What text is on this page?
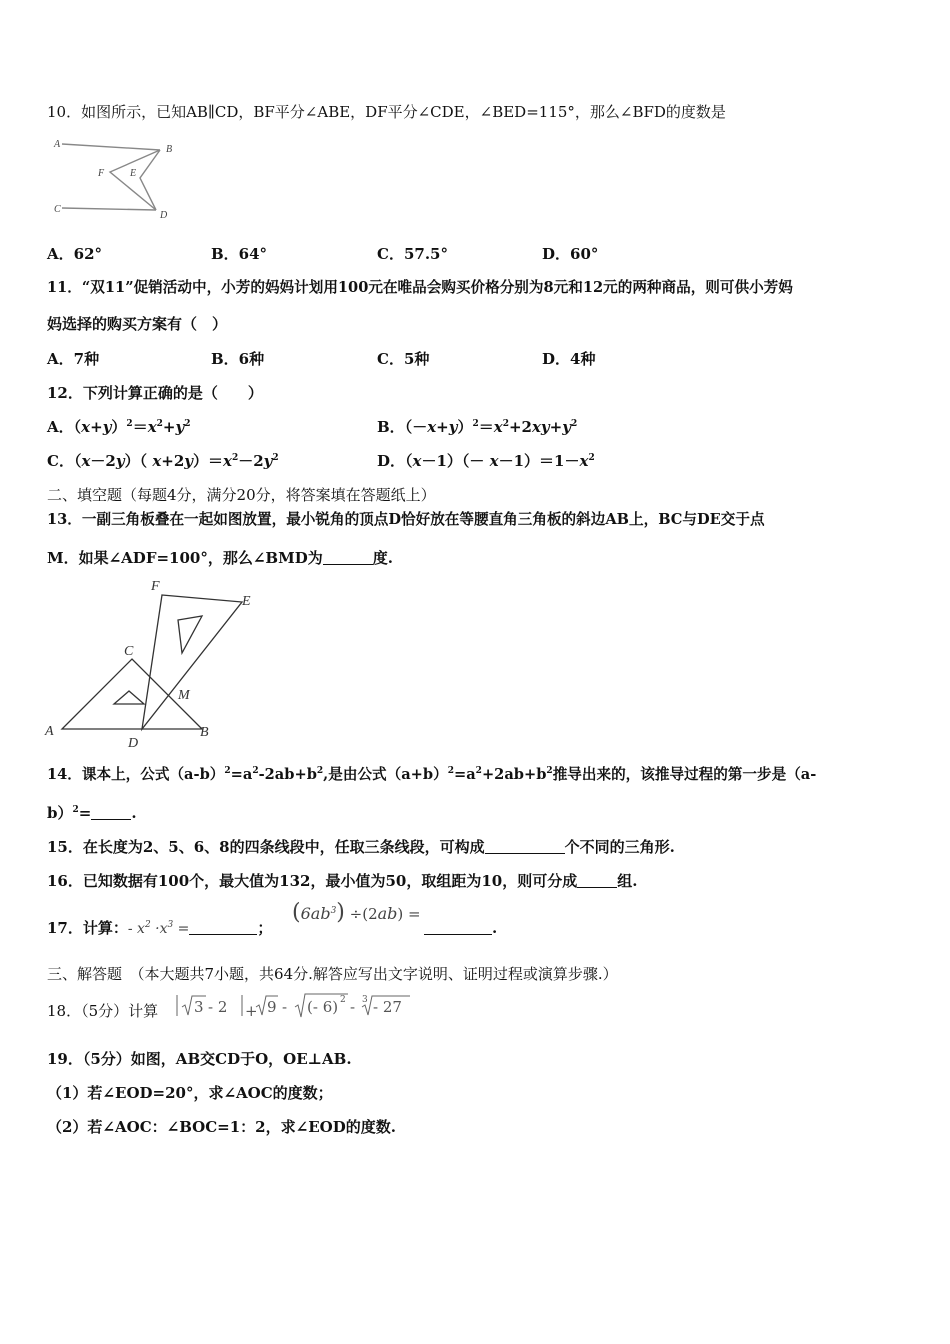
10．如图所示，已知AB∥CD，BF平分∠ABE，DF平分∠CDE，∠BED=115°，那么∠BFD的度数是
A	B
F	E
C
D
A．62°	B．64°	C．57.5°	D．60°
11．“双11”促销活动中，小芳的妈妈计划用100元在唯品会购买价格分别为8元和12元的两种商品，则可供小芳妈
妈选择的购买方案有（　）
A．7种	B．6种	C．5种	D．4种
12．下列计算正确的是（　　）
A．$(x+y)^2=x^2+y^2$	B．$(-x+y)^2=x^2+2xy+y^2$
C．（x－2y）（ $x+2y)=x^2-2y^2$	D．$(x-1)(- x-1)=1-x^2$
二、填空题（每题4分，满分20分，将答案填在答题纸上）
13．一副三角板叠在一起如图放置，最小锐角的顶点D恰好放在等腰直角三角板的斜边AB上，BC与DE交于点
M．如果∠ADF=100°，那么∠BMD为	度.
F
E
C
M
A
D
B
14．课本上，公式$(a-b)^2=a^2-2ab+b^2$,是由公式$(a+b)^2=a^2+2ab+b^2$推导出来的，该推导过程的第一步是（a-
b）$^2$=	.
15．在长度为2、5、6、8的四条线段中，任取三条线段，可构成	个不同的三角形.
16．已知数据有100个，最大值为132，最小值为50，取组距为10，则可分成	组.
17．计算：- $x^2 \cdot x^3$ =	；
$(6ab^3) \div(2ab)$ =
.
三、解答题　（本大题共7小题，共64分.解答应写出文字说明、证明过程或演算步骤.）
18．（5分）计算 3 - 2 + 9 - (- 6) 2 - 3 - 27
19．（5分）如图，AB交CD于O，OE⊥AB.
（1）若∠EOD=20°，求∠AOC的度数；
（2）若∠AOC：∠BOC=1：2，求∠EOD的度数.
